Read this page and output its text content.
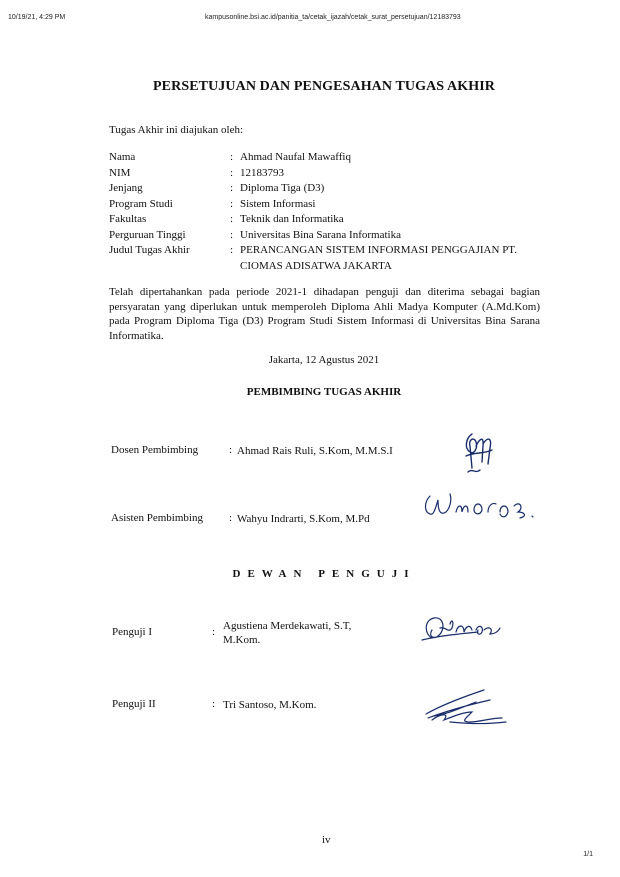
10/19/21, 4:29 PM	kampusonline.bsi.ac.id/panitia_ta/cetak_ijazah/cetak_surat_persetujuan/12183793
PERSETUJUAN DAN PENGESAHAN TUGAS AKHIR
Tugas Akhir ini diajukan oleh:
Nama	: Ahmad Naufal Mawaffiq
NIM	: 12183793
Jenjang	: Diploma Tiga (D3)
Program Studi	: Sistem Informasi
Fakultas	: Teknik dan Informatika
Perguruan Tinggi	: Universitas Bina Sarana Informatika
Judul Tugas Akhir	: PERANCANGAN SISTEM INFORMASI PENGGAJIAN PT. CIOMAS ADISATWA JAKARTA
Telah dipertahankan pada periode 2021-1 dihadapan penguji dan diterima sebagai bagian persyaratan yang diperlukan untuk memperoleh Diploma Ahli Madya Komputer (A.Md.Kom) pada Program Diploma Tiga (D3) Program Studi Sistem Informasi di Universitas Bina Sarana Informatika.
Jakarta, 12 Agustus 2021
PEMBIMBING TUGAS AKHIR
Dosen Pembimbing	: Ahmad Rais Ruli, S.Kom, M.M.S.I
Asisten Pembimbing : Wahyu Indrarti, S.Kom, M.Pd
DEWAN PENGUJI
Penguji I	: Agustiena Merdekawati, S.T, M.Kom.
Penguji II	: Tri Santoso, M.Kom.
iv
1/1
